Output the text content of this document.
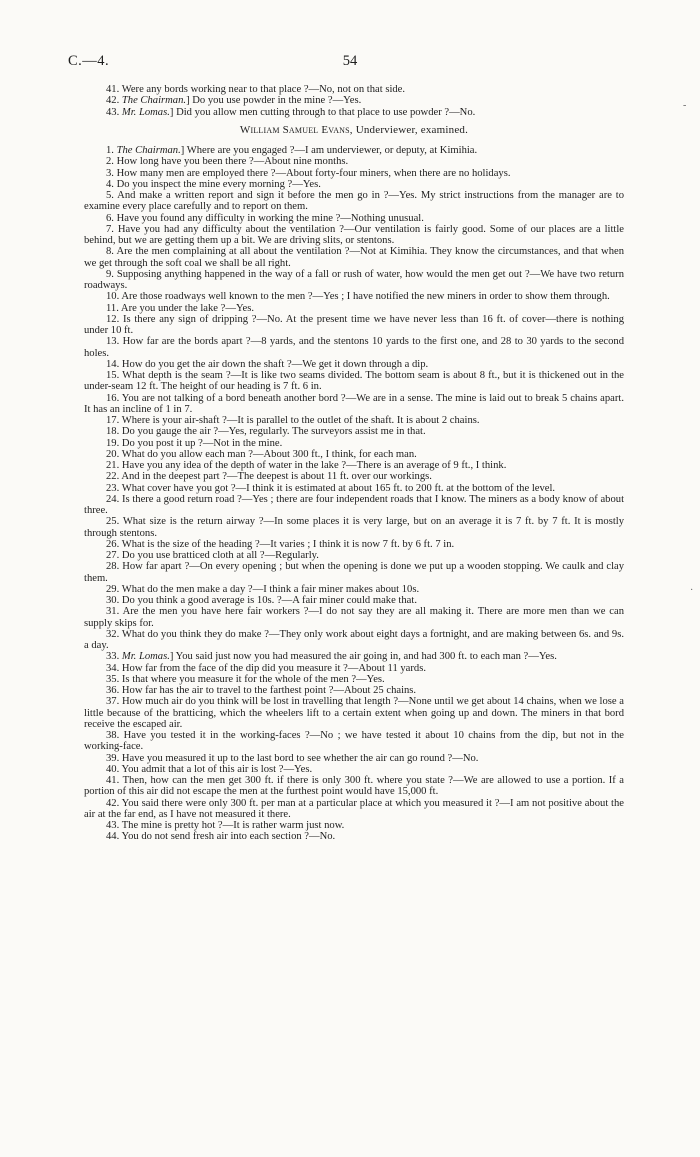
C.—4.	54

41. Were any bords working near to that place ?—No, not on that side.

42. The Chairman.] Do you use powder in the mine ?—Yes.

43. Mr. Lomas.] Did you allow men cutting through to that place to use powder ?—No.

William Samuel Evans, Underviewer, examined.

1. The Chairman.] Where are you engaged ?—I am underviewer, or deputy, at Kimihia.

2. How long have you been there ?—About nine months.

3. How many men are employed there ?—About forty-four miners, when there are no holidays.

4. Do you inspect the mine every morning ?—Yes.

5. And make a written report and sign it before the men go in ?—Yes. My strict instructions from the manager are to examine every place carefully and to report on them.

6. Have you found any difficulty in working the mine ?—Nothing unusual.

7. Have you had any difficulty about the ventilation ?—Our ventilation is fairly good. Some of our places are a little behind, but we are getting them up a bit. We are driving slits, or stentons.

8. Are the men complaining at all about the ventilation ?—Not at Kimihia. They know the circumstances, and that when we get through the soft coal we shall be all right.

9. Supposing anything happened in the way of a fall or rush of water, how would the men get out ?—We have two return roadways.

10. Are those roadways well known to the men ?—Yes ; I have notified the new miners in order to show them through.

11. Are you under the lake ?—Yes.

12. Is there any sign of dripping ?—No. At the present time we have never less than 16 ft. of cover—there is nothing under 10 ft.

13. How far are the bords apart ?—8 yards, and the stentons 10 yards to the first one, and 28 to 30 yards to the second holes.

14. How do you get the air down the shaft ?—We get it down through a dip.

15. What depth is the seam ?—It is like two seams divided. The bottom seam is about 8 ft., but it is thickened out in the under-seam 12 ft. The height of our heading is 7 ft. 6 in.

16. You are not talking of a bord beneath another bord ?—We are in a sense. The mine is laid out to break 5 chains apart. It has an incline of 1 in 7.

17. Where is your air-shaft ?—It is parallel to the outlet of the shaft. It is about 2 chains.

18. Do you gauge the air ?—Yes, regularly. The surveyors assist me in that.

19. Do you post it up ?—Not in the mine.

20. What do you allow each man ?—About 300 ft., I think, for each man.

21. Have you any idea of the depth of water in the lake ?—There is an average of 9 ft., I think.

22. And in the deepest part ?—The deepest is about 11 ft. over our workings.

23. What cover have you got ?—I think it is estimated at about 165 ft. to 200 ft. at the bottom of the level.

24. Is there a good return road ?—Yes ; there are four independent roads that I know. The miners as a body know of about three.

25. What size is the return airway ?—In some places it is very large, but on an average it is 7 ft. by 7 ft. It is mostly through stentons.

26. What is the size of the heading ?—It varies ; I think it is now 7 ft. by 6 ft. 7 in.

27. Do you use bratticed cloth at all ?—Regularly.

28. How far apart ?—On every opening ; but when the opening is done we put up a wooden stopping. We caulk and clay them.

29. What do the men make a day ?—I think a fair miner makes about 10s.

30. Do you think a good average is 10s. ?—A fair miner could make that.

31. Are the men you have here fair workers ?—I do not say they are all making it. There are more men than we can supply skips for.

32. What do you think they do make ?—They only work about eight days a fortnight, and are making between 6s. and 9s. a day.

33. Mr. Lomas.] You said just now you had measured the air going in, and had 300 ft. to each man ?—Yes.

34. How far from the face of the dip did you measure it ?—About 11 yards.

35. Is that where you measure it for the whole of the men ?—Yes.

36. How far has the air to travel to the farthest point ?—About 25 chains.

37. How much air do you think will be lost in travelling that length ?—None until we get about 14 chains, when we lose a little because of the bratticing, which the wheelers lift to a certain extent when going up and down. The miners in that bord receive the escaped air.

38. Have you tested it in the working-faces ?—No ; we have tested it about 10 chains from the dip, but not in the working-face.

39. Have you measured it up to the last bord to see whether the air can go round ?—No.

40. You admit that a lot of this air is lost ?—Yes.

41. Then, how can the men get 300 ft. if there is only 300 ft. where you state ?—We are allowed to use a portion. If a portion of this air did not escape the men at the furthest point would have 15,000 ft.

42. You said there were only 300 ft. per man at a particular place at which you measured it ?—I am not positive about the air at the far end, as I have not measured it there.

43. The mine is pretty hot ?—It is rather warm just now.

44. You do not send fresh air into each section ?—No.

-
·
